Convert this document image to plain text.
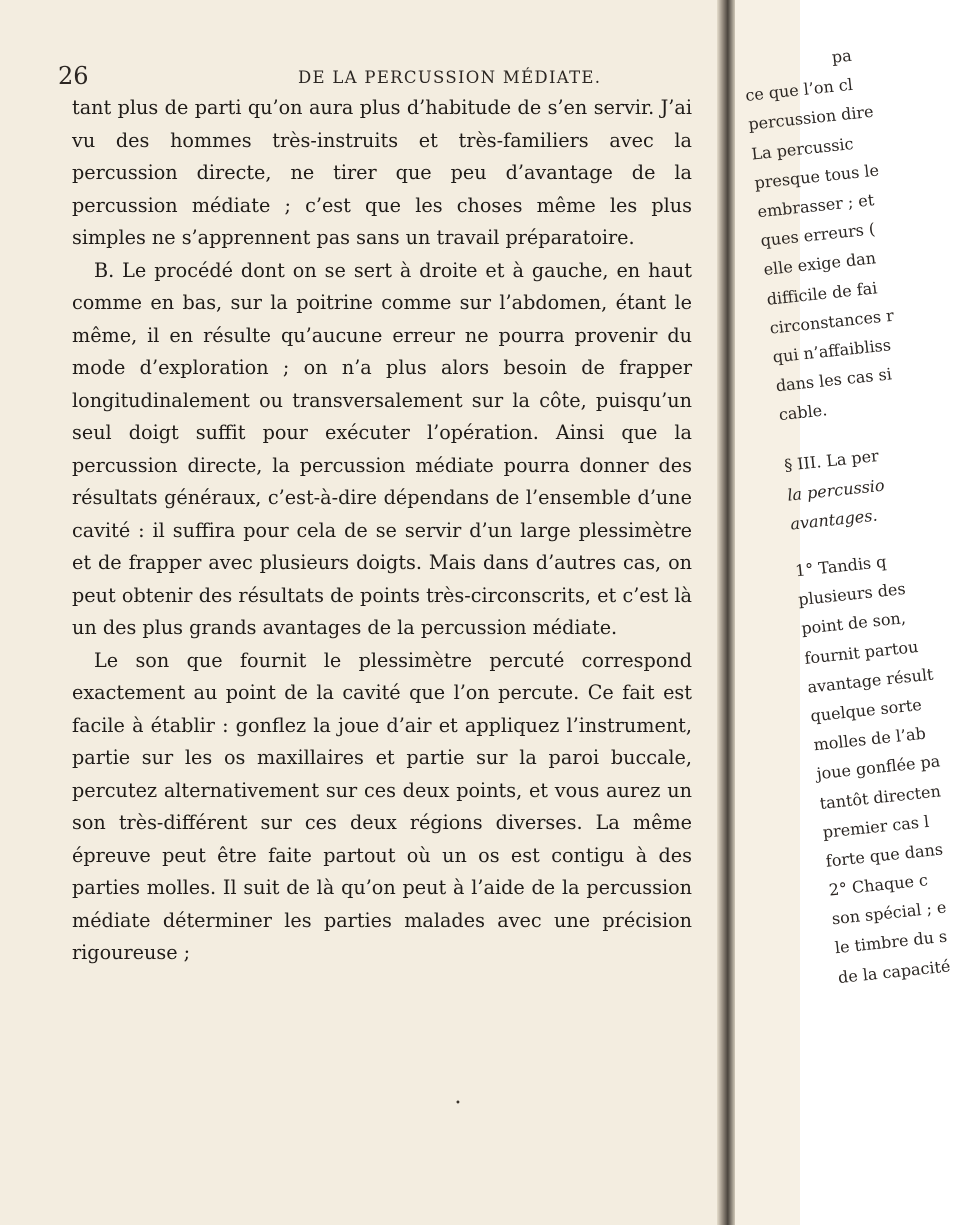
26	DE LA PERCUSSION MÉDIATE.

tant plus de parti qu’on aura plus d’habitude de s’en servir. J’ai vu des hommes très-instruits et très-familiers avec la percussion directe, ne tirer que peu d’avantage de la percussion médiate ; c’est que les choses même les plus simples ne s’apprennent pas sans un travail préparatoire.

B. Le procédé dont on se sert à droite et à gauche, en haut comme en bas, sur la poitrine comme sur l’abdomen, étant le même, il en résulte qu’aucune erreur ne pourra provenir du mode d’exploration ; on n’a plus alors besoin de frapper longitudinalement ou transversalement sur la côte, puisqu’un seul doigt suffit pour exécuter l’opération. Ainsi que la percussion directe, la percussion médiate pourra donner des résultats généraux, c’est-à-dire dépendans de l’ensemble d’une cavité : il suffira pour cela de se servir d’un large plessimètre et de frapper avec plusieurs doigts. Mais dans d’autres cas, on peut obtenir des résultats de points très-circonscrits, et c’est là un des plus grands avantages de la percussion médiate.

Le son que fournit le plessimètre percuté correspond exactement au point de la cavité que l’on percute. Ce fait est facile à établir : gonflez la joue d’air et appliquez l’instrument, partie sur les os maxillaires et partie sur la paroi buccale, percutez alternativement sur ces deux points, et vous aurez un son très-différent sur ces deux régions diverses. La même épreuve peut être faite partout où un os est contigu à des parties molles. Il suit de là qu’on peut à l’aide de la percussion médiate déterminer les parties malades avec une précision rigoureuse ;

•
pa
ce que l’on cl
percussion dire
La percussic
presque tous le
embrasser ; et
ques erreurs (
elle exige dan
difficile de fai
circonstances r
qui n’affaibliss
dans les cas si
cable.
§ III. La per
la percussio
avantages.
1° Tandis q
plusieurs des
point de son,
fournit partou
avantage résult
quelque sorte
molles de l’ab
joue gonflée pa
tantôt directen
premier cas l
forte que dans
2° Chaque c
son spécial ; e
le timbre du s
de la capacité
